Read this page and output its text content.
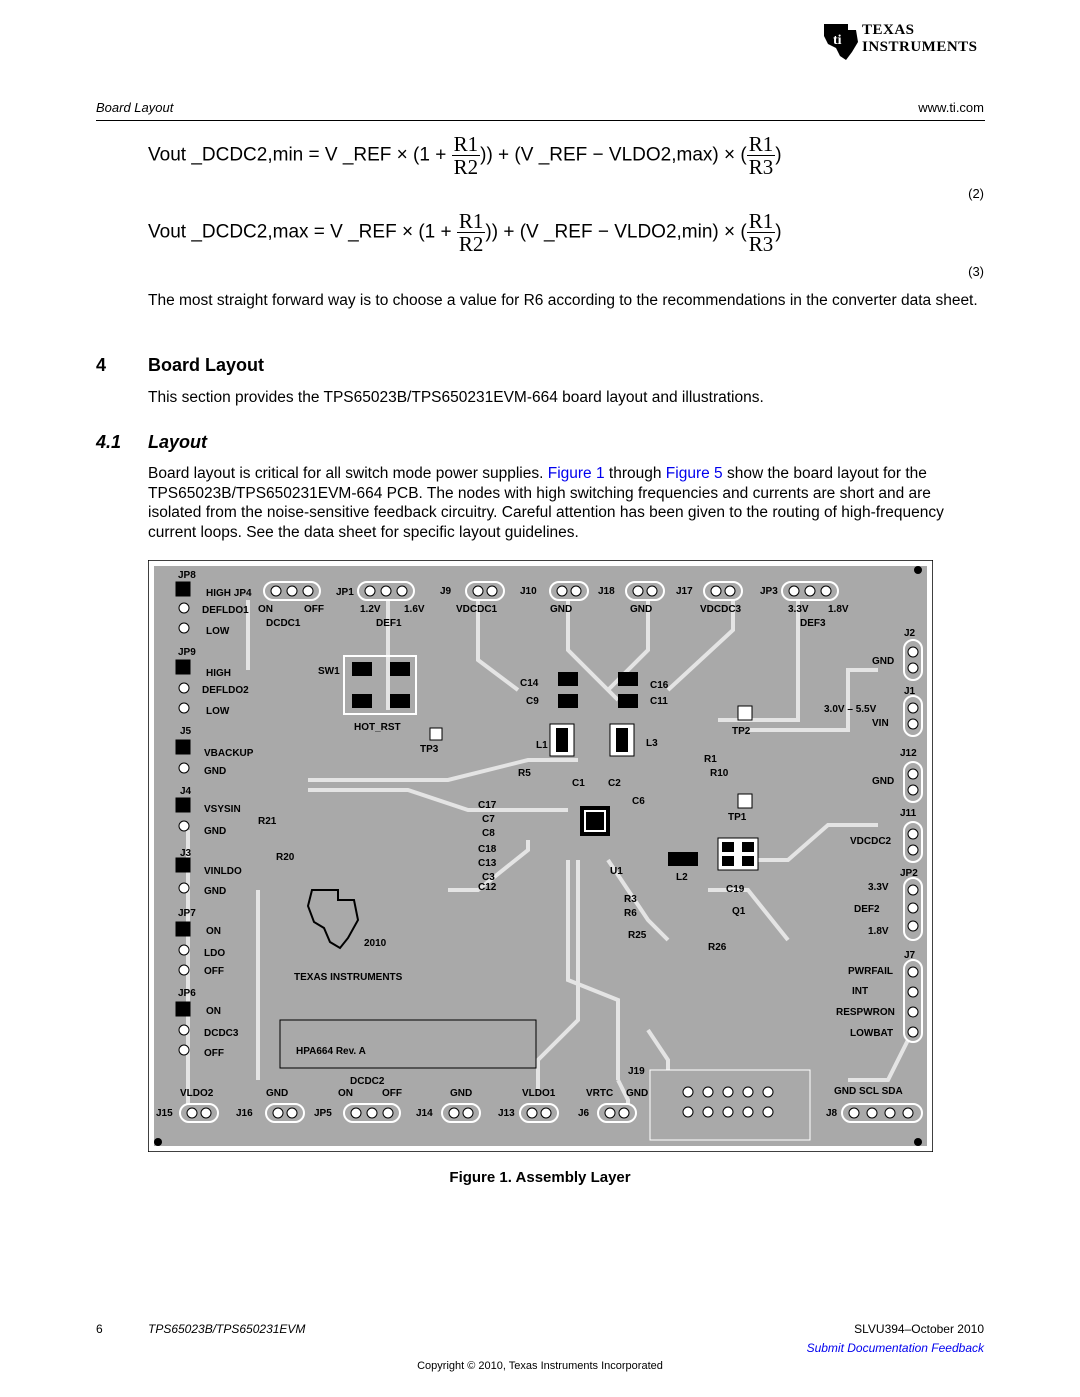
ti
TEXAS
INSTRUMENTS
Board Layout	www.ti.com
Vout _DCDC2,min = V _REF × ($1 + \frac{R1}{R2}$ )) + (V _REF − VLDO2,max) × ( $\frac{R1}{R3}$ )
(2)
Vout _DCDC2,max = V _REF × ($1 + \frac{R1}{R2}$ )) + (V _REF − VLDO2,min) × ( $\frac{R1}{R3}$ )
(3)
The most straight forward way is to choose a value for R6 according to the recommendations in the converter data sheet.
4 Board Layout
This section provides the TPS65023B/TPS650231EVM-664 board layout and illustrations.
4.1 Layout
Board layout is critical for all switch mode power supplies. Figure 1 through Figure 5 show the board layout for the TPS65023B/TPS650231EVM-664 PCB. The nodes with high switching frequencies and currents are short and are isolated from the noise-sensitive feedback circuitry. Careful attention has been given to the routing of high-frequency current loops. See the data sheet for specific layout guidelines.
JP8
HIGH JP4
DEFLDO1
LOW
JP9
HIGH
DEFLDO2
LOW
J5
VBACKUP
GND
J4
VSYSIN
GND
J3
VINLDO
GND
JP7
ON
LDO
OFF
JP6
ON
DCDC3
OFF
ON	OFF
DCDC1
JP1
1.2V 1.6V
DEF1
J9
VDCDC1
J10
GND
J18
GND
J17
VDCDC3
JP3
3.3V 1.8V
DEF3
J2
GND
J1
3.0V – 5.5V
VIN
J12
GND
J11
VDCDC2
JP2
3.3V
DEF2
1.8V
J7
PWRFAIL
INT
RESPWRON
LOWBAT
VLDO2	GND
DCDC2
ON	OFF	GND	VLDO1	VRTC GND	GND SCL SDA
J15	J16	JP5	J14	J13	J6	J8
J19
SW1
HOT_RST
TP3
TP2
TP1
C14
C9
C16
C11
L1	L3
R5
C1 C2
C6
R1
R10
C17
C7
C8
C18
C13
C3
C12
U1
L2
C19
Q1
R3
R6
R25
R26
R21
R20
2010
TEXAS INSTRUMENTS
HPA664 Rev. A
Figure 1. Assembly Layer
6	TPS65023B/TPS650231EVM	SLVU394–October 2010
Submit Documentation Feedback
Copyright © 2010, Texas Instruments Incorporated
